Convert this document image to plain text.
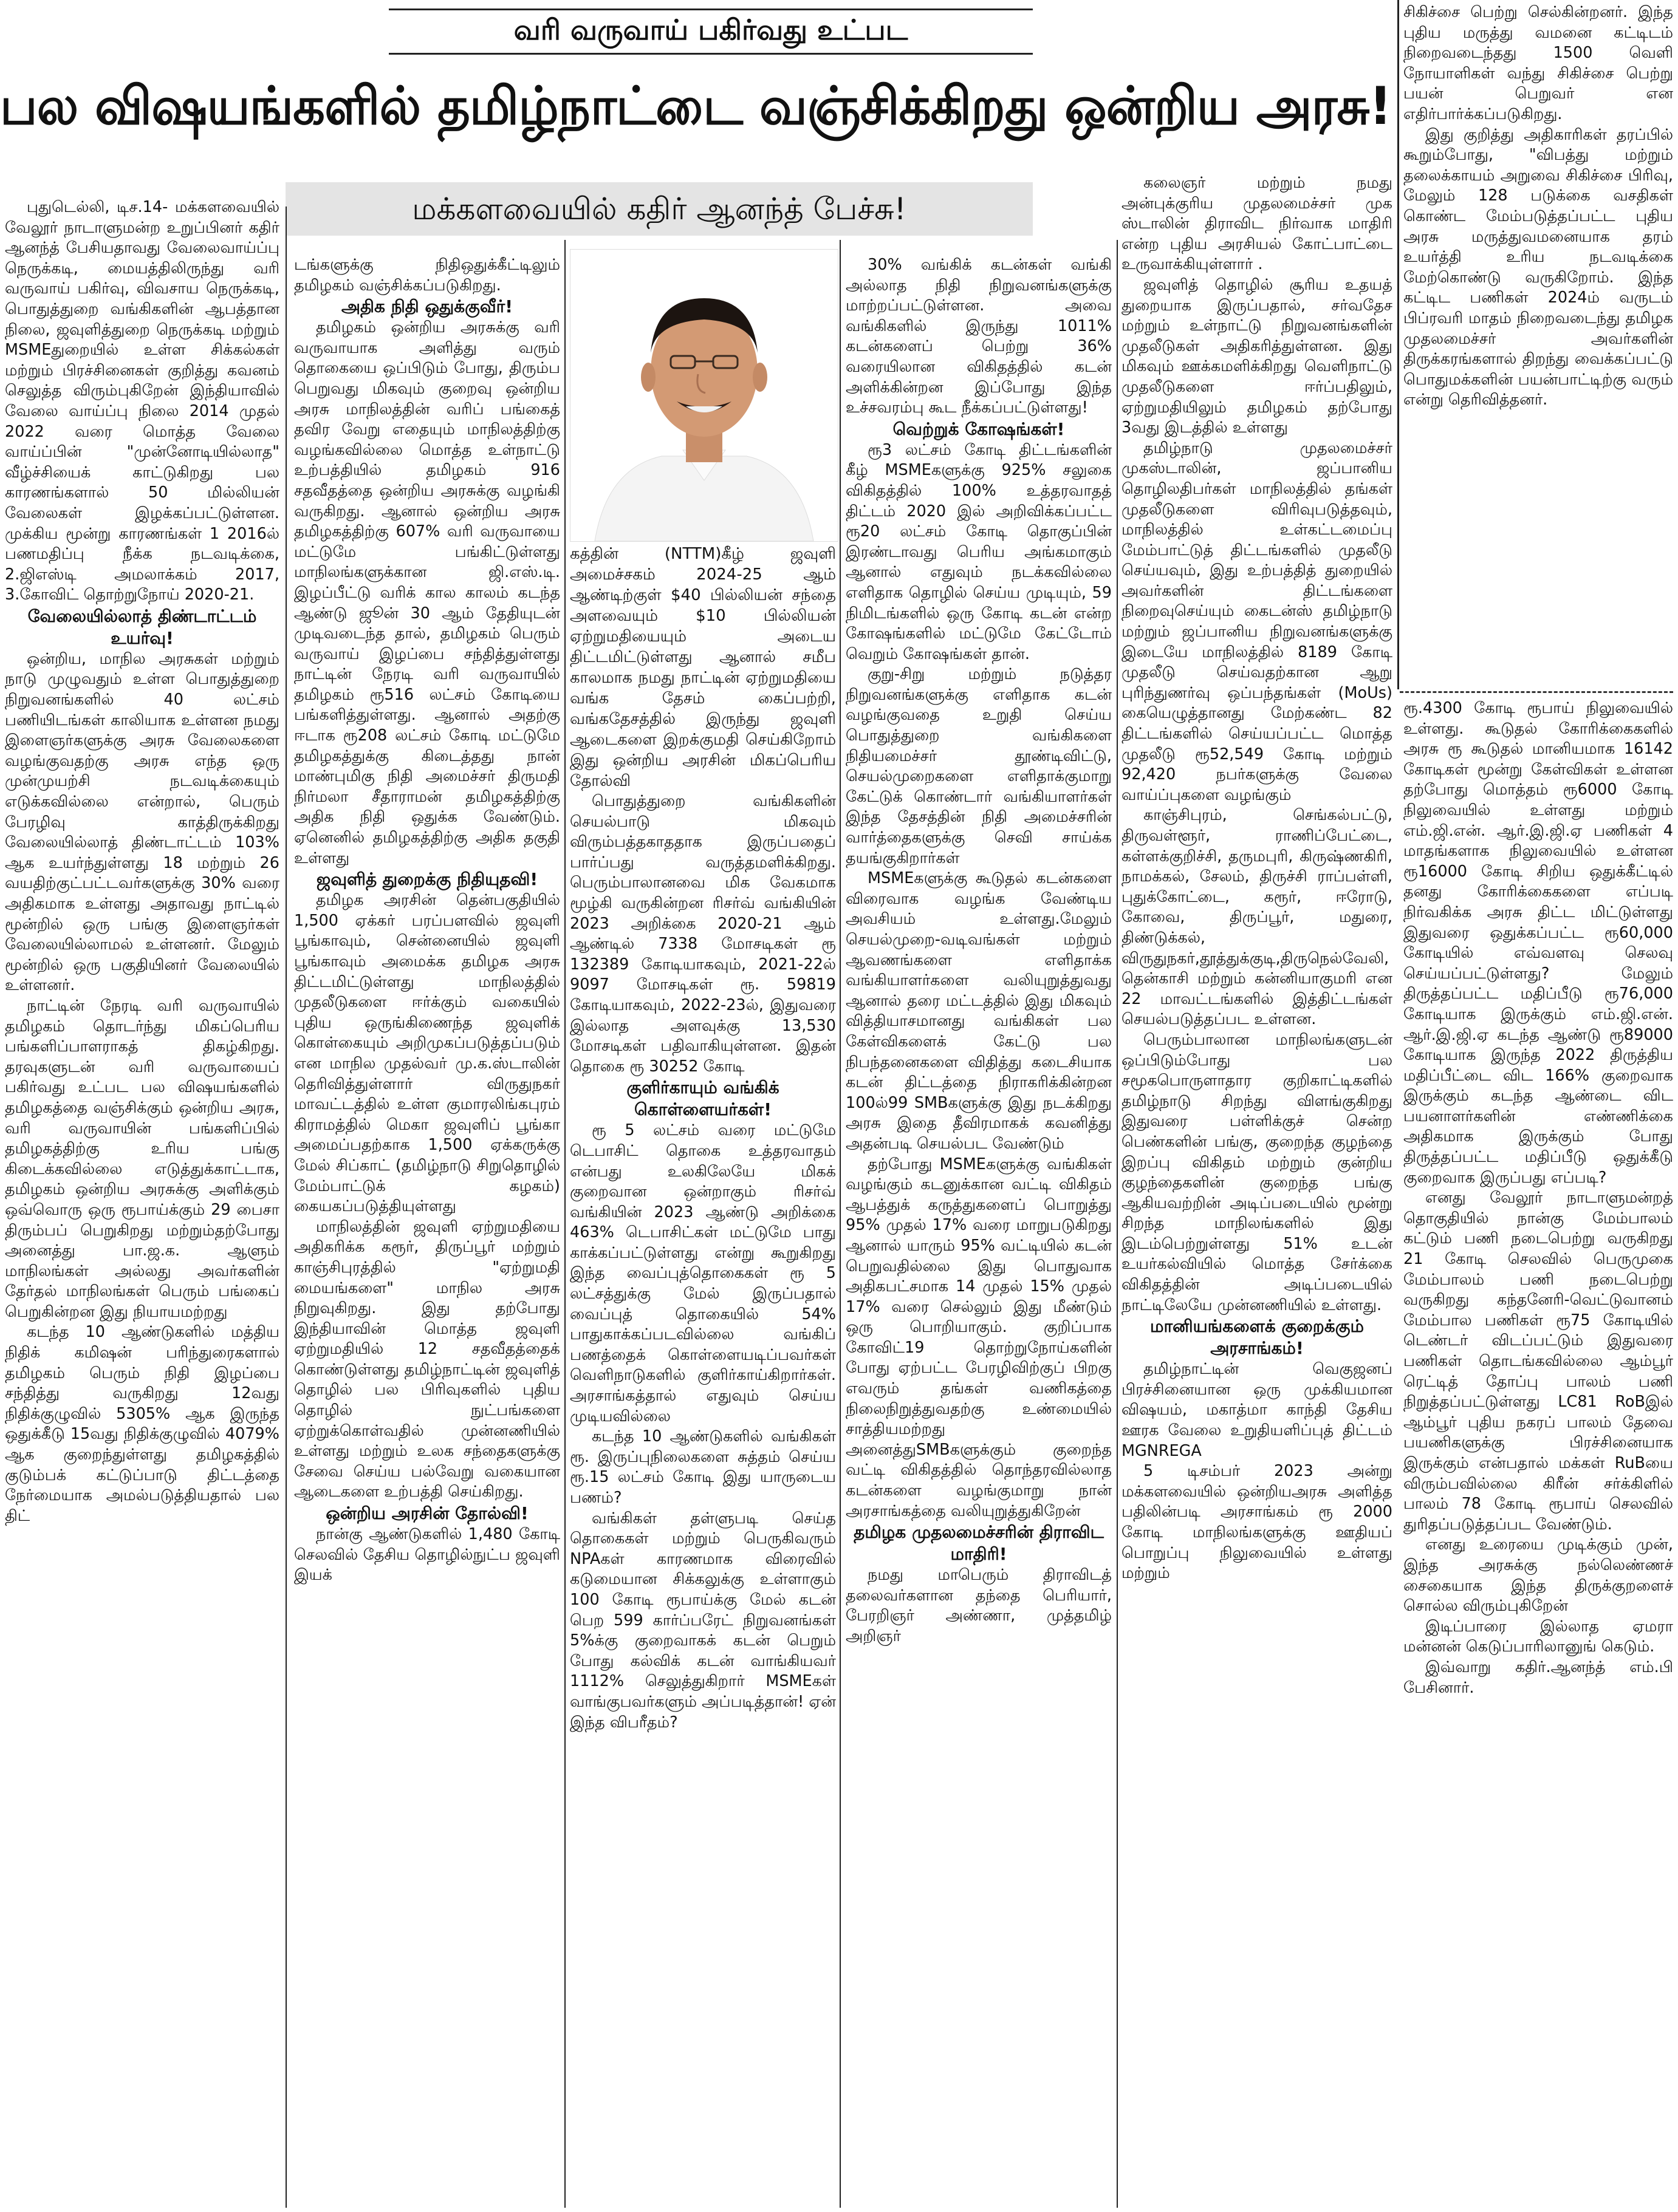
வரி வருவாய் பகிர்வது உட்பட
பல விஷயங்களில் தமிழ்நாட்டை வஞ்சிக்கிறது ஒன்றிய அரசு!
மக்களவையில் கதிர் ஆனந்த் பேச்சு!

புதுடெல்லி, டிச.14- மக்களவையில் வேலூர் நாடாளுமன்ற உறுப்பினர் கதிர் ஆனந்த் பேசியதாவது வேலைவாய்ப்பு நெருக்கடி, மையத்திலிருந்து வரி வருவாய் பகிர்வு, விவசாய நெருக்கடி, பொதுத்துறை வங்கிகளின் ஆபத்தான நிலை, ஜவுளித்துறை நெருக்கடி மற்றும் MSMEதுறையில் உள்ள சிக்கல்கள் மற்றும் பிரச்சினைகள் குறித்து கவனம் செலுத்த விரும்புகிறேன் இந்தியாவில் வேலை வாய்ப்பு நிலை 2014 முதல் 2022 வரை மொத்த வேலை வாய்ப்பின் "முன்னோடியில்லாத" வீழ்ச்சியைக் காட்டுகிறது பல காரணங்களால் 50 மில்லியன் வேலைகள் இழக்கப்பட்டுள்ளன. முக்கிய மூன்று காரணங்கள் 1 2016ல் பணமதிப்பு நீக்க நடவடிக்கை, 2.ஜிஎஸ்டி அமலாக்கம் 2017, 3.கோவிட் தொற்றுநோய் 2020-21.

வேலையில்லாத் திண்டாட்டம் உயர்வு!

ஒன்றிய, மாநில அரசுகள் மற்றும் நாடு முழுவதும் உள்ள பொதுத்துறை நிறுவனங்களில் 40 லட்சம் பணியிடங்கள் காலியாக உள்ளன நமது இளைஞர்களுக்கு அரசு வேலைகளை வழங்குவதற்கு அரசு எந்த ஒரு முன்முயற்சி நடவடிக்கையும் எடுக்கவில்லை என்றால், பெரும் பேரழிவு காத்திருக்கிறது வேலையில்லாத் திண்டாட்டம் 103% ஆக உயர்ந்துள்ளது 18 மற்றும் 26 வயதிற்குட்பட்டவர்களுக்கு 30% வரை அதிகமாக உள்ளது அதாவது நாட்டில் மூன்றில் ஒரு பங்கு இளைஞர்கள் வேலையில்லாமல் உள்ளனர். மேலும் மூன்றில் ஒரு பகுதியினர் வேலையில் உள்ளனர்.

நாட்டின் நேரடி வரி வருவாயில் தமிழகம் தொடர்ந்து மிகப்பெரிய பங்களிப்பாளராகத் திகழ்கிறது. தரவுகளுடன் வரி வருவாயைப் பகிர்வது உட்பட பல விஷயங்களில் தமிழகத்தை வஞ்சிக்கும் ஒன்றிய அரசு, வரி வருவாயின் பங்களிப்பில் தமிழகத்திற்கு உரிய பங்கு கிடைக்கவில்லை எடுத்துக்காட்டாக, தமிழகம் ஒன்றிய அரசுக்கு அளிக்கும் ஒவ்வொரு ஒரு ரூபாய்க்கும் 29 பைசா திரும்பப் பெறுகிறது மற்றும்தற்போது அனைத்து பா.ஜ.க. ஆளும் மாநிலங்கள் அல்லது அவர்களின் தேர்தல் மாநிலங்கள் பெரும் பங்கைப் பெறுகின்றன இது நியாயமற்றது

கடந்த 10 ஆண்டுகளில் மத்திய நிதிக் கமிஷன் பரிந்துரைகளால் தமிழகம் பெரும் நிதி இழப்பை சந்தித்து வருகிறது 12வது நிதிக்குழுவில் 5305% ஆக இருந்த ஒதுக்கீடு 15வது நிதிக்குழுவில் 4079% ஆக குறைந்துள்ளது தமிழகத்தில் குடும்பக் கட்டுப்பாடு திட்டத்தை நேர்மையாக அமல்படுத்தியதால் பல திட்

டங்களுக்கு நிதிஒதுக்கீட்டிலும் தமிழகம் வஞ்சிக்கப்படுகிறது.

அதிக நிதி ஒதுக்குவீர்!

தமிழகம் ஒன்றிய அரசுக்கு வரி வருவாயாக அளித்து வரும் தொகையை ஒப்பிடும் போது, திரும்ப பெறுவது மிகவும் குறைவு ஒன்றிய அரசு மாநிலத்தின் வரிப் பங்கைத் தவிர வேறு எதையும் மாநிலத்திற்கு வழங்கவில்லை மொத்த உள்நாட்டு உற்பத்தியில் தமிழகம் 916 சதவீதத்தை ஒன்றிய அரசுக்கு வழங்கி வருகிறது. ஆனால் ஒன்றிய அரசு தமிழகத்திற்கு 607% வரி வருவாயை மட்டுமே பங்கிட்டுள்ளது மாநிலங்களுக்கான ஜி.எஸ்.டி. இழப்பீட்டு வரிக் கால காலம் கடந்த ஆண்டு ஜூன் 30 ஆம் தேதியுடன் முடிவடைந்த தால், தமிழகம் பெரும் வருவாய் இழப்பை சந்தித்துள்ளது நாட்டின் நேரடி வரி வருவாயில் தமிழகம் ரூ516 லட்சம் கோடியை பங்களித்துள்ளது. ஆனால் அதற்கு ஈடாக ரூ208 லட்சம் கோடி மட்டுமே தமிழகத்துக்கு கிடைத்தது நான் மாண்புமிகு நிதி அமைச்சர் திருமதி நிர்மலா சீதாராமன் தமிழகத்திற்கு அதிக நிதி ஒதுக்க வேண்டும். ஏனெனில் தமிழகத்திற்கு அதிக தகுதி உள்ளது

ஜவுளித் துறைக்கு நிதியுதவி!

தமிழக அரசின் தென்பகுதியில் 1,500 ஏக்கர் பரப்பளவில் ஜவுளி பூங்காவும், சென்னையில் ஜவுளி பூங்காவும் அமைக்க தமிழக அரசு திட்டமிட்டுள்ளது மாநிலத்தில் முதலீடுகளை ஈர்க்கும் வகையில் புதிய ஒருங்கிணைந்த ஜவுளிக் கொள்கையும் அறிமுகப்படுத்தப்படும் என மாநில முதல்வர் மு.க.ஸ்டாலின் தெரிவித்துள்ளார் விருதுநகர் மாவட்டத்தில் உள்ள குமாரலிங்கபுரம் கிராமத்தில் மெகா ஜவுளிப் பூங்கா அமைப்பதற்காக 1,500 ஏக்கருக்கு மேல் சிப்காட் (தமிழ்நாடு சிறுதொழில் மேம்பாட்டுக் கழகம்) கையகப்படுத்தியுள்ளது

மாநிலத்தின் ஜவுளி ஏற்றுமதியை அதிகரிக்க கரூர், திருப்பூர் மற்றும் காஞ்சிபுரத்தில் "ஏற்றுமதி மையங்களை" மாநில அரசு நிறுவுகிறது. இது தற்போது இந்தியாவின் மொத்த ஜவுளி ஏற்றுமதியில் 12 சதவீதத்தைக் கொண்டுள்ளது தமிழ்நாட்டின் ஜவுளித் தொழில் பல பிரிவுகளில் புதிய தொழில் நுட்பங்களை ஏற்றுக்கொள்வதில் முன்னணியில் உள்ளது மற்றும் உலக சந்தைகளுக்கு சேவை செய்ய பல்வேறு வகையான ஆடைகளை உற்பத்தி செய்கிறது.

ஒன்றிய அரசின் தோல்வி!

நான்கு ஆண்டுகளில் 1,480 கோடி செலவில் தேசிய தொழில்நுட்ப ஜவுளி இயக்

கத்தின் (NTTM)கீழ் ஜவுளி அமைச்சகம் 2024-25 ஆம் ஆண்டிற்குள் $40 பில்லியன் சந்தை அளவையும் $10 பில்லியன் ஏற்றுமதியையும் அடைய திட்டமிட்டுள்ளது ஆனால் சமீப காலமாக நமது நாட்டின் ஏற்றுமதியை வங்க தேசம் கைப்பற்றி, வங்கதேசத்தில் இருந்து ஜவுளி ஆடைகளை இறக்குமதி செய்கிறோம் இது ஒன்றிய அரசின் மிகப்பெரிய தோல்வி

பொதுத்துறை வங்கிகளின் செயல்பாடு மிகவும் விரும்பத்தகாததாக இருப்பதைப் பார்ப்பது வருத்தமளிக்கிறது. பெரும்பாலானவை மிக வேகமாக மூழ்கி வருகின்றன ரிசர்வ் வங்கியின் 2023 அறிக்கை 2020-21 ஆம் ஆண்டில் 7338 மோசடிகள் ரூ 132389 கோடியாகவும், 2021-22ல் 9097 மோசடிகள் ரூ. 59819 கோடியாகவும், 2022-23ல், இதுவரை இல்லாத அளவுக்கு 13,530 மோசடிகள் பதிவாகியுள்ளன. இதன் தொகை ரூ 30252 கோடி

குளிர்காயும் வங்கிக் கொள்ளையர்கள்!

ரூ 5 லட்சம் வரை மட்டுமே டெபாசிட் தொகை உத்தரவாதம் என்பது உலகிலேயே மிகக் குறைவான ஒன்றாகும் ரிசர்வ் வங்கியின் 2023 ஆண்டு அறிக்கை 463% டெபாசிட்கள் மட்டுமே பாது காக்கப்பட்டுள்ளது என்று கூறுகிறது இந்த வைப்புத்தொகைகள் ரூ 5 லட்சத்துக்கு மேல் இருப்பதால் வைப்புத் தொகையில் 54% பாதுகாக்கப்படவில்லை வங்கிப் பணத்தைக் கொள்ளையடிப்பவர்கள் வெளிநாடுகளில் குளிர்காய்கிறார்கள். அரசாங்கத்தால் எதுவும் செய்ய முடியவில்லை

கடந்த 10 ஆண்டுகளில் வங்கிகள் ரூ. இருப்புநிலைகளை சுத்தம் செய்ய ரூ.15 லட்சம் கோடி இது யாருடைய பணம்?

வங்கிகள் தள்ளுபடி செய்த தொகைகள் மற்றும் பெருகிவரும் NPAகள் காரணமாக விரைவில் கடுமையான சிக்கலுக்கு உள்ளாகும் 100 கோடி ரூபாய்க்கு மேல் கடன் பெற 599 கார்ப்பரேட் நிறுவனங்கள் 5%க்கு குறைவாகக் கடன் பெறும் போது கல்விக் கடன் வாங்கியவர் 1112% செலுத்துகிறார் MSMEகள் வாங்குபவர்களும் அப்படித்தான்! ஏன் இந்த விபரீதம்?

30% வங்கிக் கடன்கள் வங்கி அல்லாத நிதி நிறுவனங்களுக்கு மாற்றப்பட்டுள்ளன. அவை வங்கிகளில் இருந்து 1011% கடன்களைப் பெற்று 36% வரையிலான விகிதத்தில் கடன் அளிக்கின்றன இப்போது இந்த உச்சவரம்பு கூட நீக்கப்பட்டுள்ளது!

வெற்றுக் கோஷங்கள்!

ரூ3 லட்சம் கோடி திட்டங்களின் கீழ் MSMEகளுக்கு 925% சலுகை விகிதத்தில் 100% உத்தரவாதத் திட்டம் 2020 இல் அறிவிக்கப்பட்ட ரூ20 லட்சம் கோடி தொகுப்பின் இரண்டாவது பெரிய அங்கமாகும் ஆனால் எதுவும் நடக்கவில்லை எளிதாக தொழில் செய்ய முடியும், 59 நிமிடங்களில் ஒரு கோடி கடன் என்ற கோஷங்களில் மட்டுமே கேட்டோம் வெறும் கோஷங்கள் தான்.

குறு-சிறு மற்றும் நடுத்தர நிறுவனங்களுக்கு எளிதாக கடன் வழங்குவதை உறுதி செய்ய பொதுத்துறை வங்கிகளை நிதியமைச்சர் தூண்டிவிட்டு, செயல்முறைகளை எளிதாக்குமாறு கேட்டுக் கொண்டார் வங்கியாளர்கள் இந்த தேசத்தின் நிதி அமைச்சரின் வார்த்தைகளுக்கு செவி சாய்க்க தயங்குகிறார்கள்

MSMEகளுக்கு கூடுதல் கடன்களை விரைவாக வழங்க வேண்டிய அவசியம் உள்ளது.மேலும் செயல்முறை-வடிவங்கள் மற்றும் ஆவணங்களை எளிதாக்க வங்கியாளர்களை வலியுறுத்துவது ஆனால் தரை மட்டத்தில் இது மிகவும் வித்தியாசமானது வங்கிகள் பல கேள்விகளைக் கேட்டு பல நிபந்தனைகளை விதித்து கடைசியாக கடன் திட்டத்தை நிராகரிக்கின்றன 100ல்99 SMBகளுக்கு இது நடக்கிறது அரசு இதை தீவிரமாகக் கவனித்து அதன்படி செயல்பட வேண்டும்

தற்போது MSMEகளுக்கு வங்கிகள் வழங்கும் கடனுக்கான வட்டி விகிதம் ஆபத்துக் கருத்துகளைப் பொறுத்து 95% முதல் 17% வரை மாறுபடுகிறது ஆனால் யாரும் 95% வட்டியில் கடன் பெறுவதில்லை இது பொதுவாக அதிகபட்சமாக 14 முதல் 15% முதல் 17% வரை செல்லும் இது மீண்டும் ஒரு பொறியாகும். குறிப்பாக கோவிட்19 தொற்றுநோய்களின் போது ஏற்பட்ட பேரழிவிற்குப் பிறகு எவரும் தங்கள் வணிகத்தை நிலைநிறுத்துவதற்கு உண்மையில் சாத்தியமற்றது அனைத்துSMBகளுக்கும் குறைந்த வட்டி விகிதத்தில் தொந்தரவில்லாத கடன்களை வழங்குமாறு நான் அரசாங்கத்தை வலியுறுத்துகிறேன்

தமிழக முதலமைச்சரின் திராவிட மாதிரி!

நமது மாபெரும் திராவிடத் தலைவர்களான தந்தை பெரியார், பேரறிஞர் அண்ணா, முத்தமிழ் அறிஞர்

கலைஞர் மற்றும் நமது அன்புக்குரிய முதலமைச்சர் முக ஸ்டாலின் திராவிட நிர்வாக மாதிரி என்ற புதிய அரசியல் கோட்பாட்டை உருவாக்கியுள்ளார் .

ஜவுளித் தொழில் சூரிய உதயத் துறையாக இருப்பதால், சர்வதேச மற்றும் உள்நாட்டு நிறுவனங்களின் முதலீடுகள் அதிகரித்துள்ளன. இது மிகவும் ஊக்கமளிக்கிறது வெளிநாட்டு முதலீடுகளை ஈர்ப்பதிலும், ஏற்றுமதியிலும் தமிழகம் தற்போது 3வது இடத்தில் உள்ளது

தமிழ்நாடு முதலமைச்சர் முகஸ்டாலின், ஜப்பானிய தொழிலதிபர்கள் மாநிலத்தில் தங்கள் முதலீடுகளை விரிவுபடுத்தவும், மாநிலத்தில் உள்கட்டமைப்பு மேம்பாட்டுத் திட்டங்களில் முதலீடு செய்யவும், இது உற்பத்தித் துறையில் அவர்களின் திட்டங்களை நிறைவுசெய்யும் கைடன்ஸ் தமிழ்நாடு மற்றும் ஜப்பானிய நிறுவனங்களுக்கு இடையே மாநிலத்தில் 8189 கோடி முதலீடு செய்வதற்கான ஆறு புரிந்துணர்வு ஒப்பந்தங்கள் (MoUs) கையெழுத்தானது மேற்கண்ட 82 திட்டங்களில் செய்யப்பட்ட மொத்த முதலீடு ரூ52,549 கோடி மற்றும் 92,420 நபர்களுக்கு வேலை வாய்ப்புகளை வழங்கும்

காஞ்சிபுரம், செங்கல்பட்டு, திருவள்ளூர், ராணிப்பேட்டை, கள்ளக்குறிச்சி, தருமபுரி, கிருஷ்ணகிரி, நாமக்கல், சேலம், திருச்சி ராப்பள்ளி, புதுக்கோட்டை, கரூர், ஈரோடு, கோவை, திருப்பூர், மதுரை, திண்டுக்கல், விருதுநகர்,தூத்துக்குடி,திருநெல்வேலி, தென்காசி மற்றும் கன்னியாகுமரி என 22 மாவட்டங்களில் இத்திட்டங்கள் செயல்படுத்தப்பட உள்ளன.

பெரும்பாலான மாநிலங்களுடன் ஒப்பிடும்போது பல சமூகபொருளாதார குறிகாட்டிகளில் தமிழ்நாடு சிறந்து விளங்குகிறது இதுவரை பள்ளிக்குச் சென்ற பெண்களின் பங்கு, குறைந்த குழந்தை இறப்பு விகிதம் மற்றும் குன்றிய குழந்தைகளின் குறைந்த பங்கு ஆகியவற்றின் அடிப்படையில் மூன்று சிறந்த மாநிலங்களில் இது இடம்பெற்றுள்ளது 51% உடன் உயர்கல்வியில் மொத்த சேர்க்கை விகிதத்தின் அடிப்படையில் நாட்டிலேயே முன்னணியில் உள்ளது.

மானியங்களைக் குறைக்கும் அரசாங்கம்!

தமிழ்நாட்டின் வெகுஜனப் பிரச்சினையான ஒரு முக்கியமான விஷயம், மகாத்மா காந்தி தேசிய ஊரக வேலை உறுதியளிப்புத் திட்டம் MGNREGA

5 டிசம்பர் 2023 அன்று மக்களவையில் ஒன்றியஅரசு அளித்த பதிலின்படி அரசாங்கம் ரூ 2000 கோடி மாநிலங்களுக்கு ஊதியப் பொறுப்பு நிலுவையில் உள்ளது மற்றும்

சிகிச்சை பெற்று செல்கின்றனர். இந்த புதிய மருத்து வமனை கட்டிடம் நிறைவடைந்தது 1500 வெளி நோயாளிகள் வந்து சிகிச்சை பெற்று பயன் பெறுவர் என எதிர்பார்க்கப்படுகிறது.

இது குறித்து அதிகாரிகள் தரப்பில் கூறும்போது, "விபத்து மற்றும் தலைக்காயம் அறுவை சிகிச்சை பிரிவு, மேலும் 128 படுக்கை வசதிகள் கொண்ட மேம்படுத்தப்பட்ட புதிய அரசு மருத்துவமனையாக தரம் உயர்த்தி உரிய நடவடிக்கை மேற்கொண்டு வருகிறோம். இந்த கட்டிட பணிகள் 2024ம் வருடம் பிப்ரவரி மாதம் நிறைவடைந்து தமிழக முதலமைச்சர் அவர்களின் திருக்கரங்களால் திறந்து வைக்கப்பட்டு பொதுமக்களின் பயன்பாட்டிற்கு வரும் என்று தெரிவித்தனர்.

ரூ.4300 கோடி ரூபாய் நிலுவையில் உள்ளது. கூடுதல் கோரிக்கைகளில் அரசு ரூ கூடுதல் மானியமாக 16142 கோடிகள் மூன்று கேள்விகள் உள்ளன தற்போது மொத்தம் ரூ6000 கோடி நிலுவையில் உள்ளது மற்றும் எம்.ஜி.என். ஆர்.இ.ஜி.ஏ பணிகள் 4 மாதங்களாக நிலுவையில் உள்ளன ரூ16000 கோடி சிறிய ஒதுக்கீட்டில் தனது கோரிக்கைகளை எப்படி நிர்வகிக்க அரசு திட்ட மிட்டுள்ளது இதுவரை ஒதுக்கப்பட்ட ரூ60,000 கோடியில் எவ்வளவு செலவு செய்யப்பட்டுள்ளது? மேலும் திருத்தப்பட்ட மதிப்பீடு ரூ76,000 கோடியாக இருக்கும் எம்.ஜி.என். ஆர்.இ.ஜி.ஏ கடந்த ஆண்டு ரூ89000 கோடியாக இருந்த 2022 திருத்திய மதிப்பீட்டை விட 166% குறைவாக இருக்கும் கடந்த ஆண்டை விட பயனாளர்களின் எண்ணிக்கை அதிகமாக இருக்கும் போது திருத்தப்பட்ட மதிப்பீடு ஒதுக்கீடு குறைவாக இருப்பது எப்படி?

எனது வேலூர் நாடாளுமன்றத் தொகுதியில் நான்கு மேம்பாலம் கட்டும் பணி நடைபெற்று வருகிறது 21 கோடி செலவில் பெருமுகை மேம்பாலம் பணி நடைபெற்று வருகிறது கந்தனேரி-வெட்டுவானம் மேம்பால பணிகள் ரூ75 கோடியில் டெண்டர் விடப்பட்டும் இதுவரை பணிகள் தொடங்கவில்லை ஆம்பூர் ரெட்டித் தோப்பு பாலம் பணி நிறுத்தப்பட்டுள்ளது LC81 RoBஇல் ஆம்பூர் புதிய நகரப் பாலம் தேவை பயணிகளுக்கு பிரச்சினையாக இருக்கும் என்பதால் மக்கள் RuBயை விரும்பவில்லை கிரீன் சர்க்கிளில் பாலம் 78 கோடி ரூபாய் செலவில் துரிதப்படுத்தப்பட வேண்டும்.

எனது உரையை முடிக்கும் முன், இந்த அரசுக்கு நல்லெண்ணச் சைகையாக இந்த திருக்குறளைச் சொல்ல விரும்புகிறேன்

இடிப்பாரை இல்லாத ஏமரா மன்னன் கெடுப்பாரிலானுங் கெடும்.

இவ்வாறு கதிர்.ஆனந்த் எம்.பி பேசினார்.
